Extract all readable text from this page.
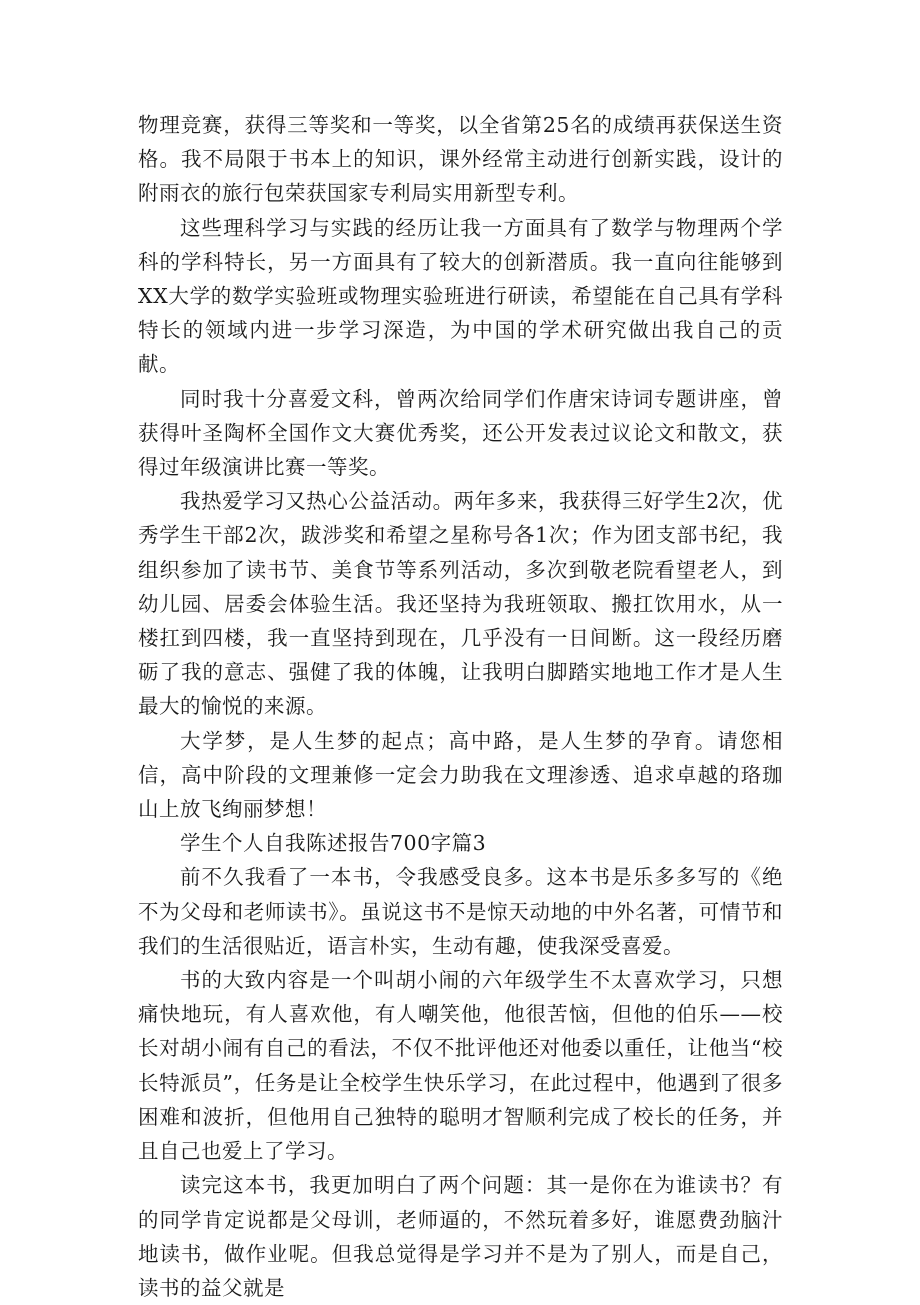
物理竞赛，获得三等奖和一等奖，以全省第25名的成绩再获保送生资格。我不局限于书本上的知识，课外经常主动进行创新实践，设计的附雨衣的旅行包荣获国家专利局实用新型专利。

这些理科学习与实践的经历让我一方面具有了数学与物理两个学科的学科特长，另一方面具有了较大的创新潜质。我一直向往能够到XX大学的数学实验班或物理实验班进行研读，希望能在自己具有学科特长的领域内进一步学习深造，为中国的学术研究做出我自己的贡献。

同时我十分喜爱文科，曾两次给同学们作唐宋诗词专题讲座，曾获得叶圣陶杯全国作文大赛优秀奖，还公开发表过议论文和散文，获得过年级演讲比赛一等奖。

我热爱学习又热心公益活动。两年多来，我获得三好学生2次，优秀学生干部2次，跋涉奖和希望之星称号各1次；作为团支部书纪，我组织参加了读书节、美食节等系列活动，多次到敬老院看望老人，到幼儿园、居委会体验生活。我还坚持为我班领取、搬扛饮用水，从一楼扛到四楼，我一直坚持到现在，几乎没有一日间断。这一段经历磨砺了我的意志、强健了我的体魄，让我明白脚踏实地地工作才是人生最大的愉悦的来源。

大学梦，是人生梦的起点；高中路，是人生梦的孕育。请您相信，高中阶段的文理兼修一定会力助我在文理渗透、追求卓越的珞珈山上放飞绚丽梦想！

学生个人自我陈述报告700字篇3

前不久我看了一本书，令我感受良多。这本书是乐多多写的《绝不为父母和老师读书》。虽说这书不是惊天动地的中外名著，可情节和我们的生活很贴近，语言朴实，生动有趣，使我深受喜爱。

书的大致内容是一个叫胡小闹的六年级学生不太喜欢学习，只想痛快地玩，有人喜欢他，有人嘲笑他，他很苦恼，但他的伯乐——校长对胡小闹有自己的看法，不仅不批评他还对他委以重任，让他当“校长特派员”，任务是让全校学生快乐学习，在此过程中，他遇到了很多困难和波折，但他用自己独特的聪明才智顺利完成了校长的任务，并且自己也爱上了学习。

读完这本书，我更加明白了两个问题：其一是你在为谁读书？有的同学肯定说都是父母训，老师逼的，不然玩着多好，谁愿费劲脑汁地读书，做作业呢。但我总觉得是学习并不是为了别人，而是自己，读书的益父就是
